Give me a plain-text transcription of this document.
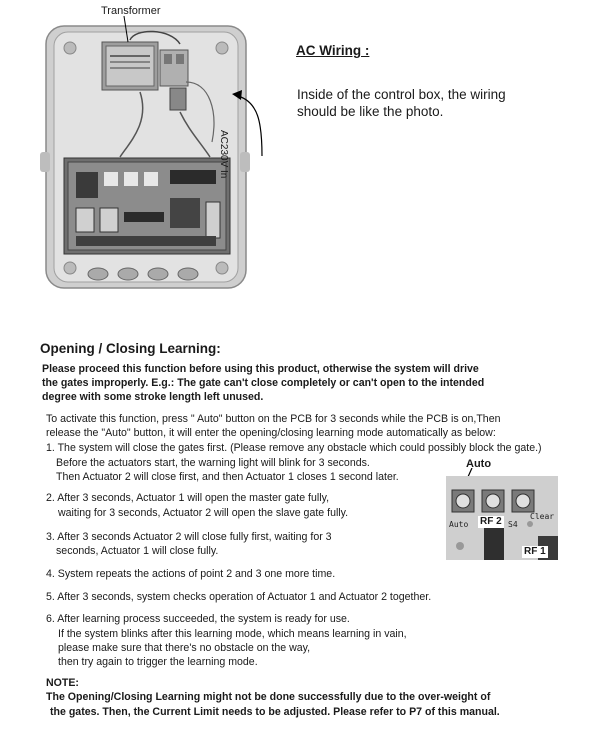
Transformer
AC230V In
AC Wiring :
Inside of the control box, the wiring
should be like the photo.
Opening / Closing Learning:
Please proceed this function before using this product, otherwise the system will drive
the gates improperly. E.g.: The gate can't close completely or can't open to the intended
degree with some stroke length left unused.
To activate this function, press " Auto" button on the PCB for 3 seconds while the PCB is on,Then
release the "Auto" button, it will enter the opening/closing learning mode automatically as below:
1. The system will close the gates first. (Please remove any obstacle which could possibly block the gate.)
Before the actuators start, the warning light will blink for 3 seconds.
Then Actuator 2 will close first, and then Actuator 1 closes 1 second later.
2. After 3 seconds, Actuator 1 will open the master gate fully,
waiting for 3 seconds, Actuator 2 will open the slave gate fully.
3. After 3 seconds Actuator 2 will close fully first, waiting for 3
seconds, Actuator 1 will close fully.
4. System repeats the actions of point 2 and 3 one more time.
5. After 3 seconds, system checks operation of Actuator 1 and Actuator 2 together.
6. After learning process succeeded, the system is ready for use.
If the system blinks after this learning mode, which means learning in vain,
please make sure that there's no obstacle on the way,
then try again to trigger the learning mode.
NOTE:
The Opening/Closing Learning might not be done successfully due to the over-weight of
the gates. Then, the Current Limit needs to be adjusted. Please refer to P7 of this manual.
Auto
Auto	S4
Clear
RF 2
RF 1
